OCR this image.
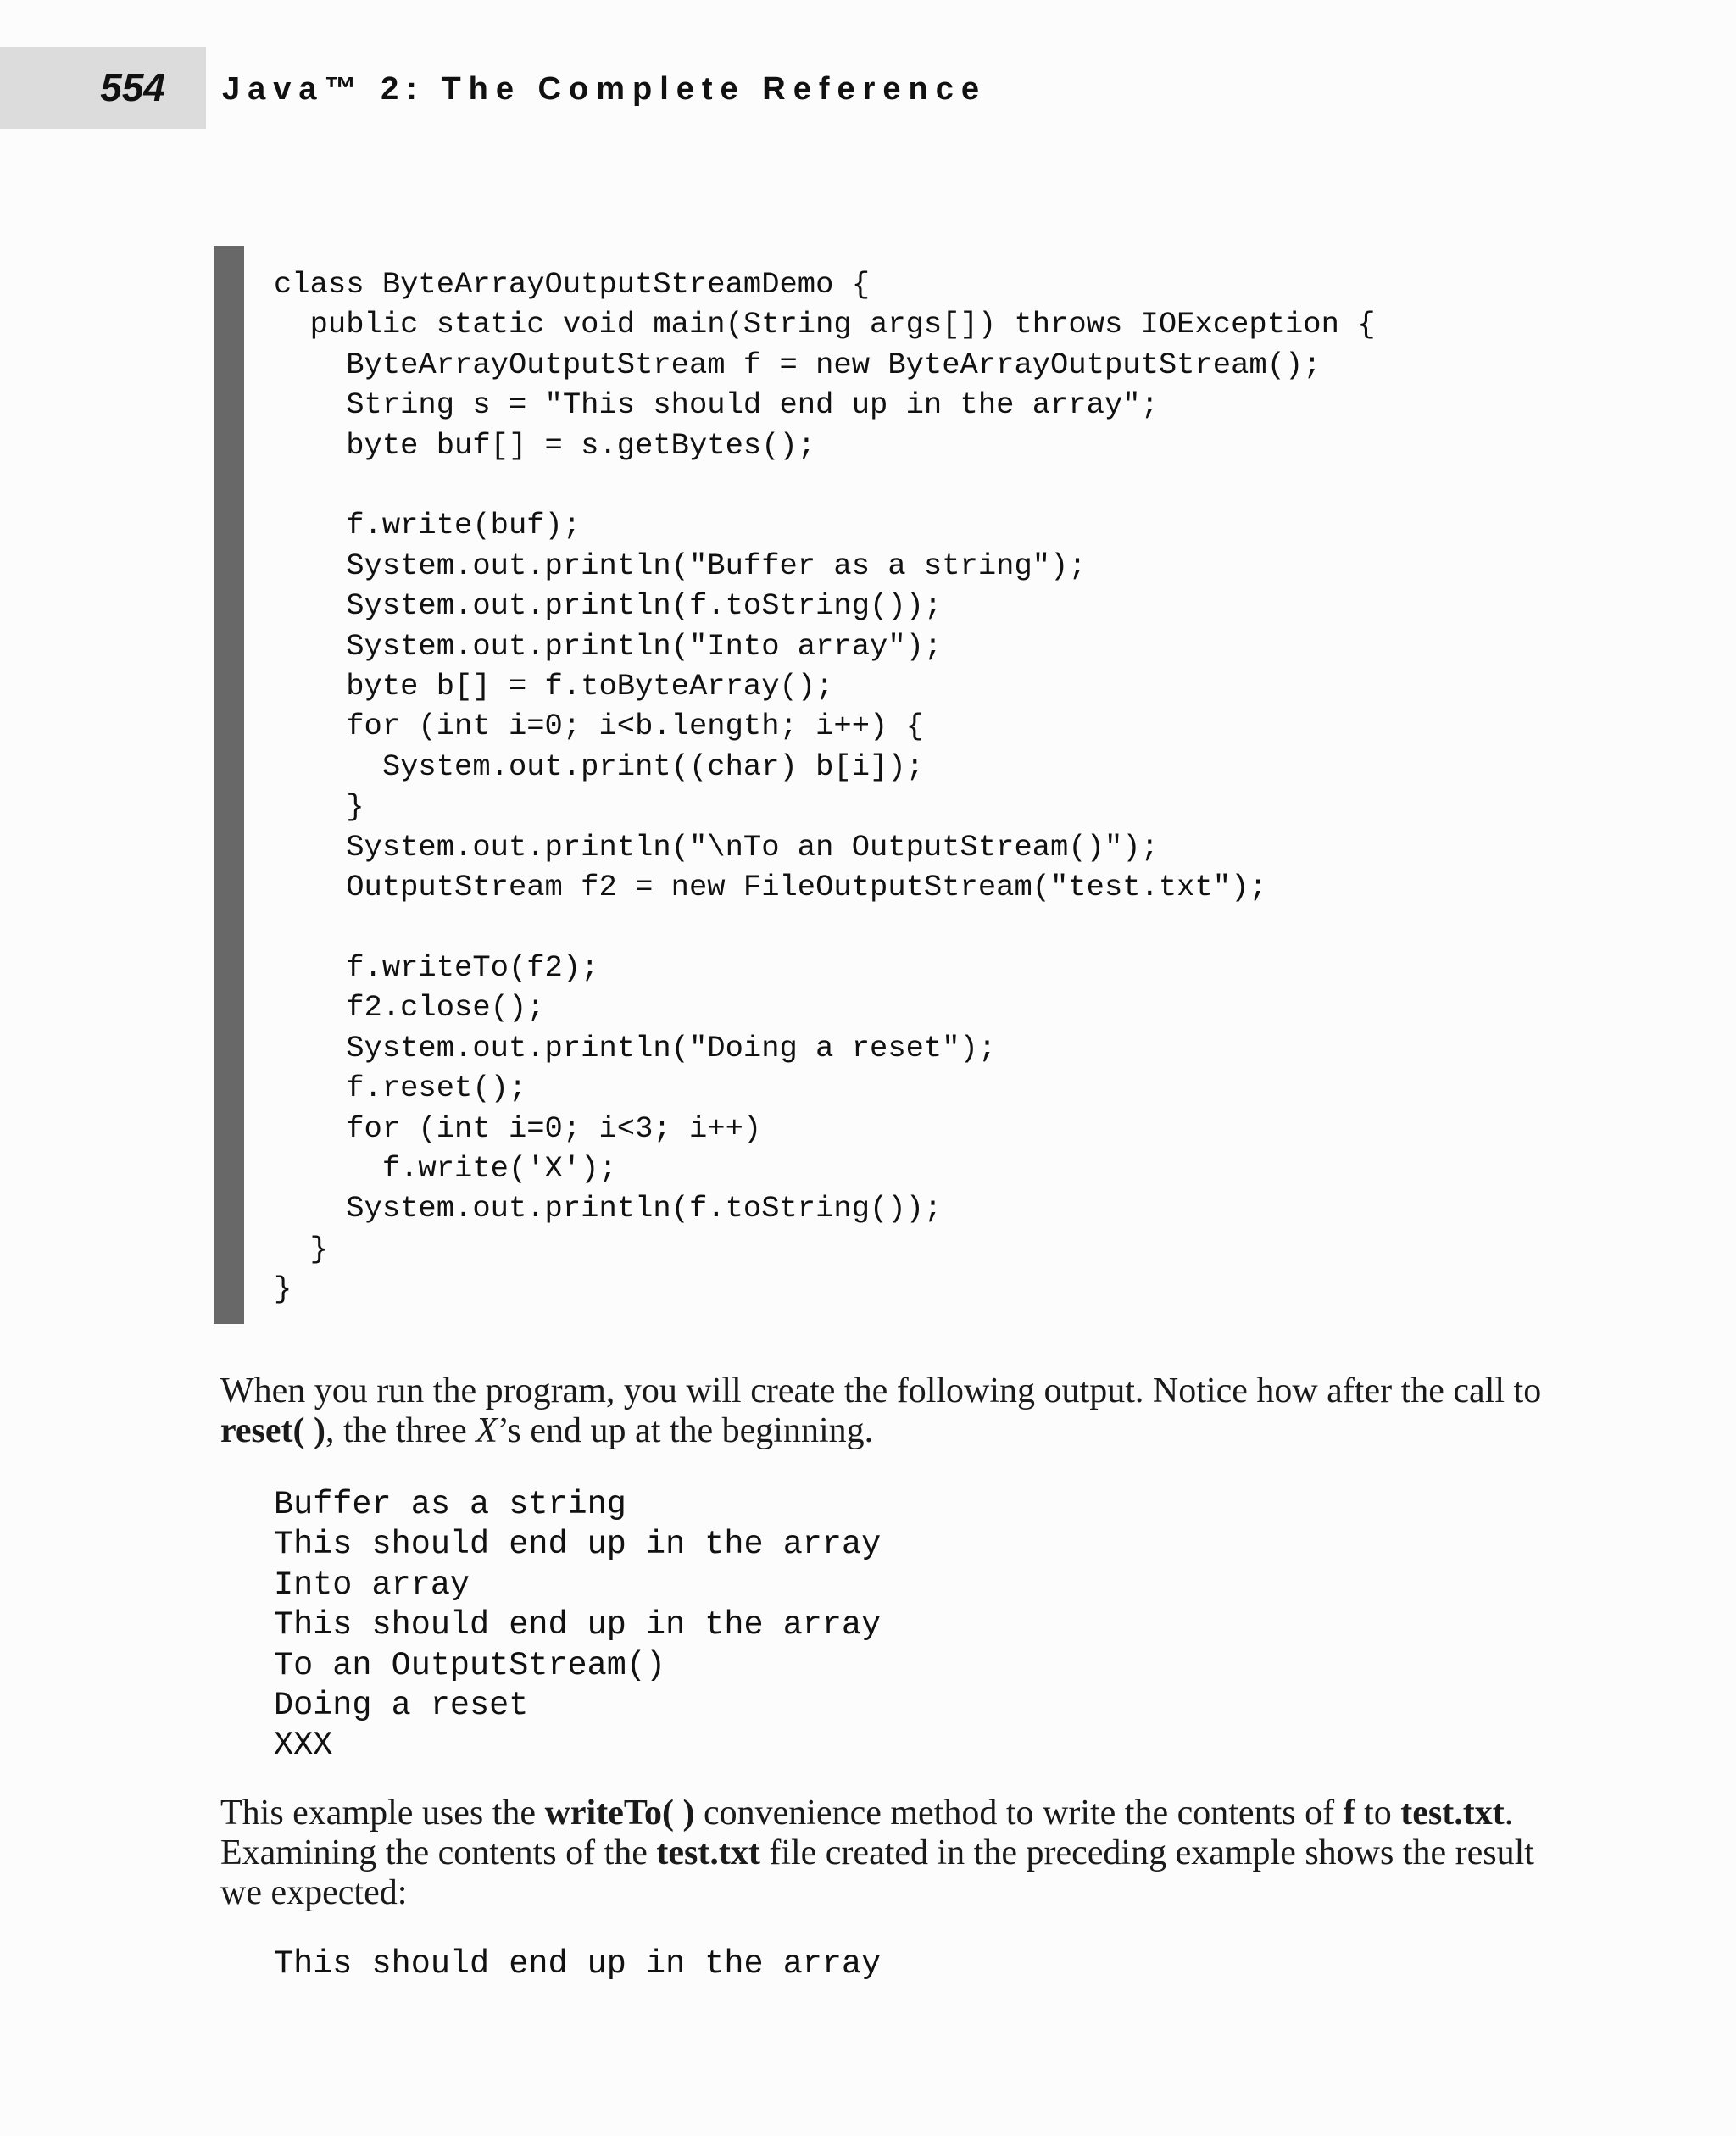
554 Java™ 2: The Complete Reference
class ByteArrayOutputStreamDemo {
public static void main(String args[]) throws IOException {
ByteArrayOutputStream f = new ByteArrayOutputStream();
String s = "This should end up in the array";
byte buf[] = s.getBytes();

f.write(buf);
System.out.println("Buffer as a string");
System.out.println(f.toString());
System.out.println("Into array");
byte b[] = f.toByteArray();
for (int i=0; i<b.length; i++) {
System.out.print((char) b[i]);
}
System.out.println("\nTo an OutputStream()");
OutputStream f2 = new FileOutputStream("test.txt");

f.writeTo(f2);
f2.close();
System.out.println("Doing a reset");
f.reset();
for (int i=0; i<3; i++)
f.write('X');
System.out.println(f.toString());
}
}

When you run the program, you will create the following output. Notice how after the call to reset( ), the three X’s end up at the beginning.

Buffer as a string
This should end up in the array
Into array
This should end up in the array
To an OutputStream()
Doing a reset
XXX

This example uses the writeTo( ) convenience method to write the contents of f to test.txt. Examining the contents of the test.txt file created in the preceding example shows the result we expected:

This should end up in the array
